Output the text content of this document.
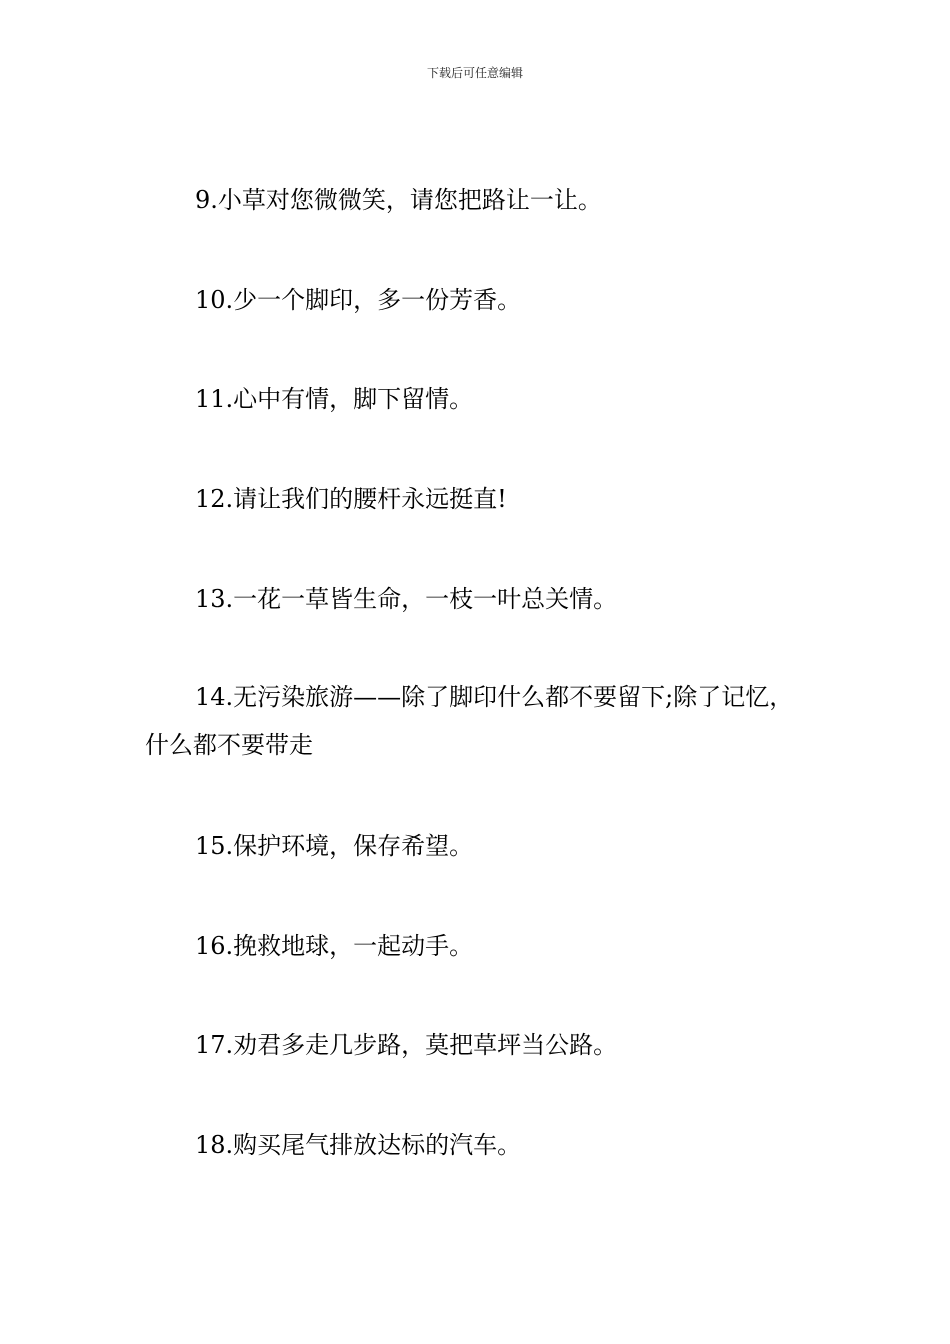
下载后可任意编辑

9.小草对您微微笑，请您把路让一让。

10.少一个脚印，多一份芳香。

11.心中有情，脚下留情。

12.请让我们的腰杆永远挺直!

13.一花一草皆生命，一枝一叶总关情。

14.无污染旅游——除了脚印什么都不要留下;除了记忆，什么都不要带走

15.保护环境，保存希望。

16.挽救地球，一起动手。

17.劝君多走几步路，莫把草坪当公路。

18.购买尾气排放达标的汽车。
